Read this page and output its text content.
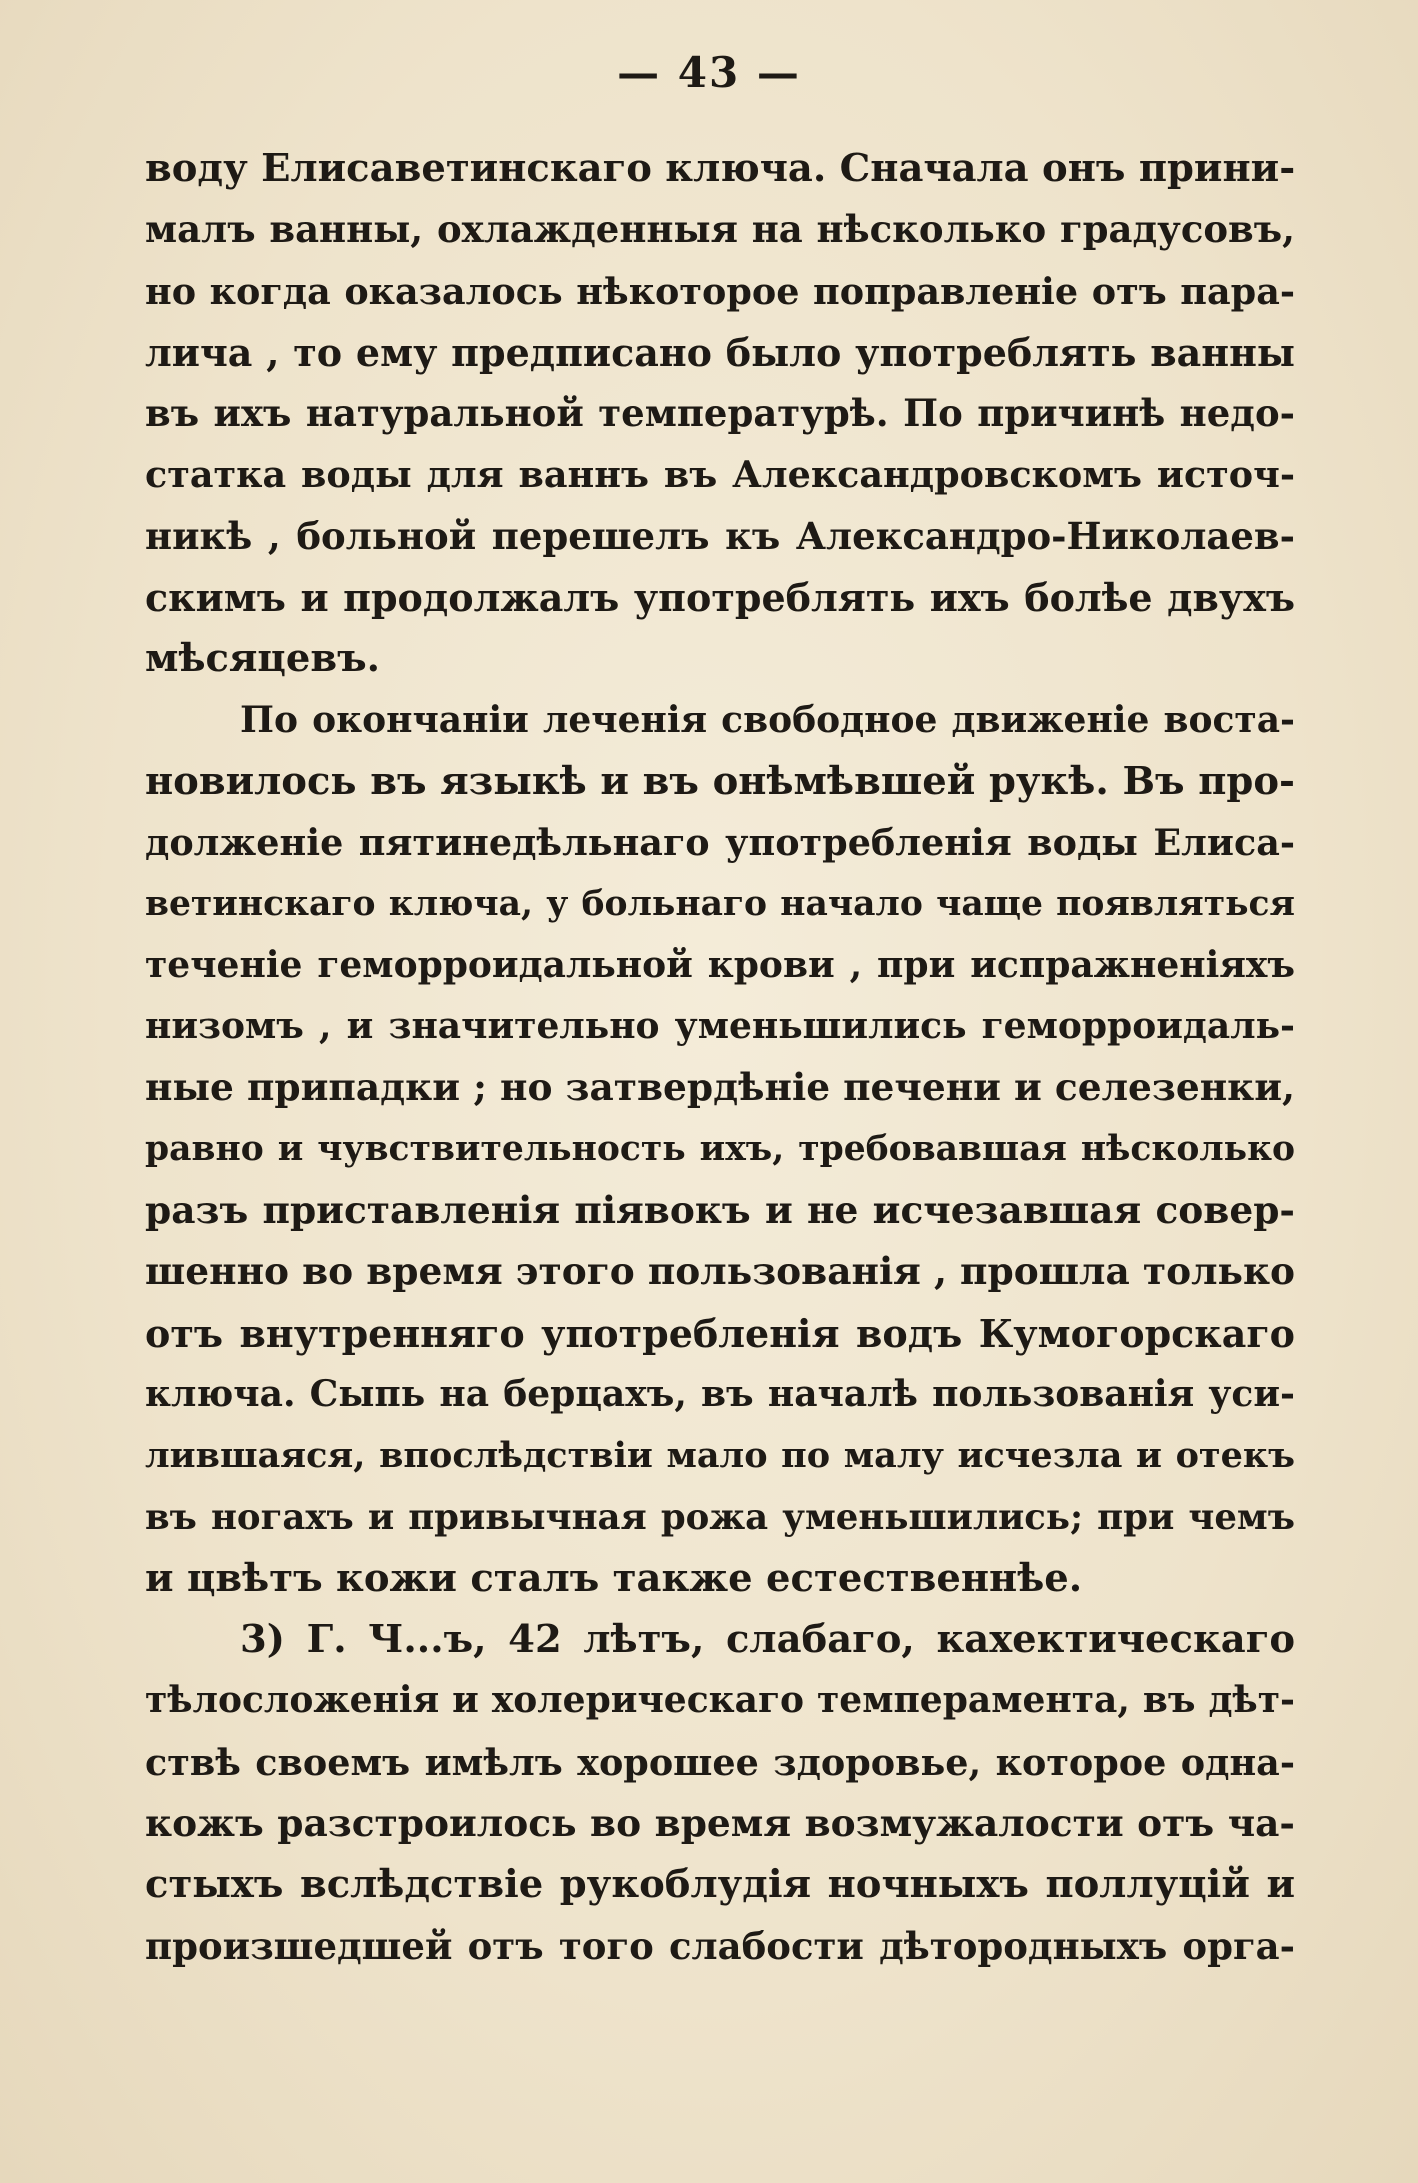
— 43 —
воду Елисаветинскаго ключа. Сначала онъ прини-
малъ ванны, охлажденныя на нѣсколько градусовъ,
но когда оказалось нѣкоторое поправленіе отъ пара-
лича , то ему предписано было употреблять ванны
въ ихъ натуральной температурѣ. По причинѣ недо-
статка воды для ваннъ въ Александровскомъ источ-
никѣ , больной перешелъ къ Александро-Николаев-
скимъ и продолжалъ употреблять ихъ болѣе двухъ
мѣсяцевъ.
По окончаніи леченія свободное движеніе воста-
новилось въ языкѣ и въ онѣмѣвшей рукѣ. Въ про-
долженіе пятинедѣльнаго употребленія воды Елиса-
ветинскаго ключа, у больнаго начало чаще появляться
теченіе геморроидальной крови , при испражненіяхъ
низомъ , и значительно уменьшились геморроидаль-
ные припадки ; но затвердѣніе печени и селезенки,
равно и чувствительность ихъ, требовавшая нѣсколько
разъ приставленія піявокъ и не исчезавшая совер-
шенно во время этого пользованія , прошла только
отъ внутренняго употребленія водъ Кумогорскаго
ключа. Сыпь на берцахъ, въ началѣ пользованія уси-
лившаяся, впослѣдствіи мало по малу исчезла и отекъ
въ ногахъ и привычная рожа уменьшились; при чемъ
и цвѣтъ кожи сталъ также естественнѣе.
3) Г. Ч...ъ, 42 лѣтъ, слабаго, кахектическаго
тѣлосложенія и холерическаго темперамента, въ дѣт-
ствѣ своемъ имѣлъ хорошее здоровье, которое одна-
кожъ разстроилось во время возмужалости отъ ча-
стыхъ вслѣдствіе рукоблудія ночныхъ поллуцій и
произшедшей отъ того слабости дѣтородныхъ орга-
